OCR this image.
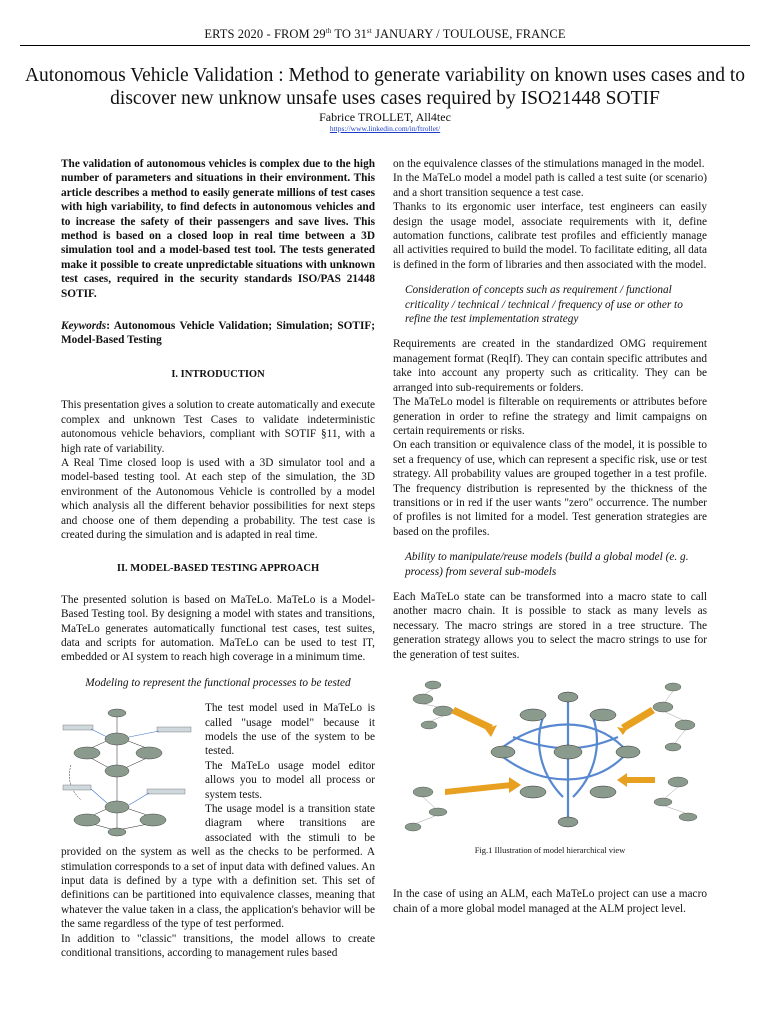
ERTS 2020 - FROM 29th TO 31st JANUARY / TOULOUSE, FRANCE
Autonomous Vehicle Validation : Method to generate variability on known uses cases and to discover new unknow unsafe uses cases required by ISO21448 SOTIF
Fabrice TROLLET, All4tec
https://www.linkedin.com/in/ftrollet/

The validation of autonomous vehicles is complex due to the high number of parameters and situations in their environment. This article describes a method to easily generate millions of test cases with high variability, to find defects in autonomous vehicles and to increase the safety of their passengers and save lives. This method is based on a closed loop in real time between a 3D simulation tool and a model-based test tool. The tests generated make it possible to create unpredictable situations with unknown test cases, required in the security standards ISO/PAS 21448 SOTIF.

Keywords: Autonomous Vehicle Validation; Simulation; SOTIF; Model-Based Testing

I. INTRODUCTION

This presentation gives a solution to create automatically and execute complex and unknown Test Cases to validate indeterministic autonomous vehicle behaviors, compliant with SOTIF §11, with a high rate of variability.

A Real Time closed loop is used with a 3D simulator tool and a model-based testing tool. At each step of the simulation, the 3D environment of the Autonomous Vehicle is controlled by a model which analysis all the different behavior possibilities for next steps and choose one of them depending a probability. The test case is created during the simulation and is adapted in real time.

II. MODEL-BASED TESTING APPROACH

The presented solution is based on MaTeLo. MaTeLo is a Model-Based Testing tool. By designing a model with states and transitions, MaTeLo generates automatically functional test cases, test suites, data and scripts for automation. MaTeLo can be used to test IT, embedded or AI system to reach high coverage in a minimum time.

Modeling to represent the functional processes to be tested

The test model used in MaTeLo is called "usage model" because it models the use of the system to be tested.

The MaTeLo usage model editor allows you to model all process or system tests.

The usage model is a transition state diagram where transitions are associated with the stimuli to be provided on the system as well as the checks to be performed. A stimulation corresponds to a set of input data with defined values. An input data is defined by a type with a definition set. This set of definitions can be partitioned into equivalence classes, meaning that whatever the value taken in a class, the application's behavior will be the same regardless of the type of test performed.

In addition to "classic" transitions, the model allows to create conditional transitions, according to management rules based

on the equivalence classes of the stimulations managed in the model.

In the MaTeLo model a model path is called a test suite (or scenario) and a short transition sequence a test case.

Thanks to its ergonomic user interface, test engineers can easily design the usage model, associate requirements with it, define automation functions, calibrate test profiles and efficiently manage all activities required to build the model. To facilitate editing, all data is defined in the form of libraries and then associated with the model.

Consideration of concepts such as requirement / functional criticality / technical / technical / frequency of use or other to refine the test implementation strategy

Requirements are created in the standardized OMG requirement management format (ReqIf). They can contain specific attributes and take into account any property such as criticality. They can be arranged into sub-requirements or folders.

The MaTeLo model is filterable on requirements or attributes before generation in order to refine the strategy and limit campaigns on certain requirements or risks.

On each transition or equivalence class of the model, it is possible to set a frequency of use, which can represent a specific risk, use or test strategy. All probability values are grouped together in a test profile. The frequency distribution is represented by the thickness of the transitions or in red if the user wants "zero" occurrence. The number of profiles is not limited for a model. Test generation strategies are based on the profiles.

Ability to manipulate/reuse models (build a global model (e. g. process) from several sub-models

Each MaTeLo state can be transformed into a macro state to call another macro chain. It is possible to stack as many levels as necessary. The macro strings are stored in a tree structure. The generation strategy allows you to select the macro strings to use for the generation of test suites.

Fig.1 Illustration of model hierarchical view

In the case of using an ALM, each MaTeLo project can use a macro chain of a more global model managed at the ALM project level.
